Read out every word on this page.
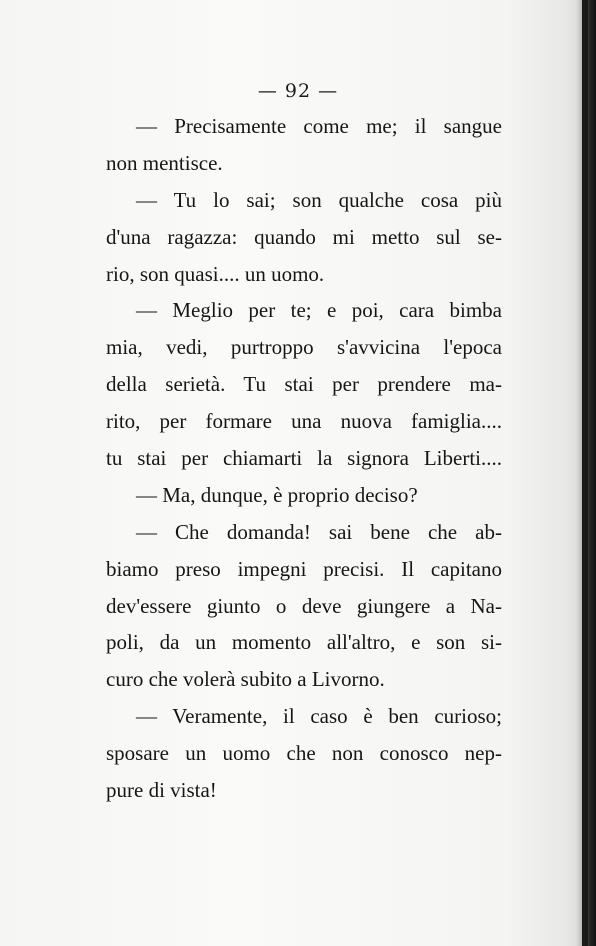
— 92 —
— Precisamente come me; il sangue
non mentisce.
— Tu lo sai; son qualche cosa più
d'una ragazza: quando mi metto sul se-
rio, son quasi.... un uomo.
— Meglio per te; e poi, cara bimba
mia, vedi, purtroppo s'avvicina l'epoca
della serietà. Tu stai per prendere ma-
rito, per formare una nuova famiglia....
tu stai per chiamarti la signora Liberti....
— Ma, dunque, è proprio deciso?
— Che domanda! sai bene che ab-
biamo preso impegni precisi. Il capitano
dev'essere giunto o deve giungere a Na-
poli, da un momento all'altro, e son si-
curo che volerà subito a Livorno.
— Veramente, il caso è ben curioso;
sposare un uomo che non conosco nep-
pure di vista!
